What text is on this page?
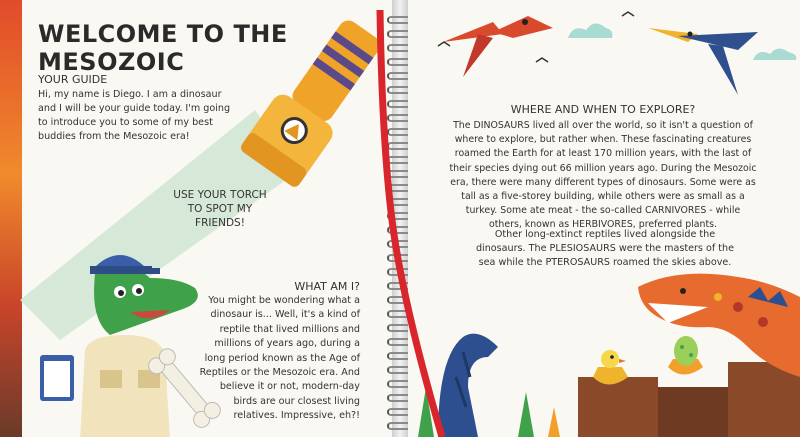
WELCOME TO THE MESOZOIC
YOUR GUIDE
Hi, my name is Diego. I am a dinosaur and I will be your guide today. I'm going to introduce you to some of my best buddies from the Mesozoic era!
USE YOUR TORCH TO SPOT MY FRIENDS!
WHAT AM I?
You might be wondering what a dinosaur is... Well, it's a kind of reptile that lived millions and millions of years ago, during a long period known as the Age of Reptiles or the Mesozoic era. And believe it or not, modern-day birds are our closest living relatives. Impressive, eh?!
WHERE AND WHEN TO EXPLORE?
The DINOSAURS lived all over the world, so it isn't a question of where to explore, but rather when. These fascinating creatures roamed the Earth for at least 170 million years, with the last of their species dying out 66 million years ago. During the Mesozoic era, there were many different types of dinosaurs. Some were as tall as a five-storey building, while others were as small as a turkey. Some ate meat - the so-called CARNIVORES - while others, known as HERBIVORES, preferred plants.
Other long-extinct reptiles lived alongside the dinosaurs. The PLESIOSAURS were the masters of the sea while the PTEROSAURS roamed the skies above.
